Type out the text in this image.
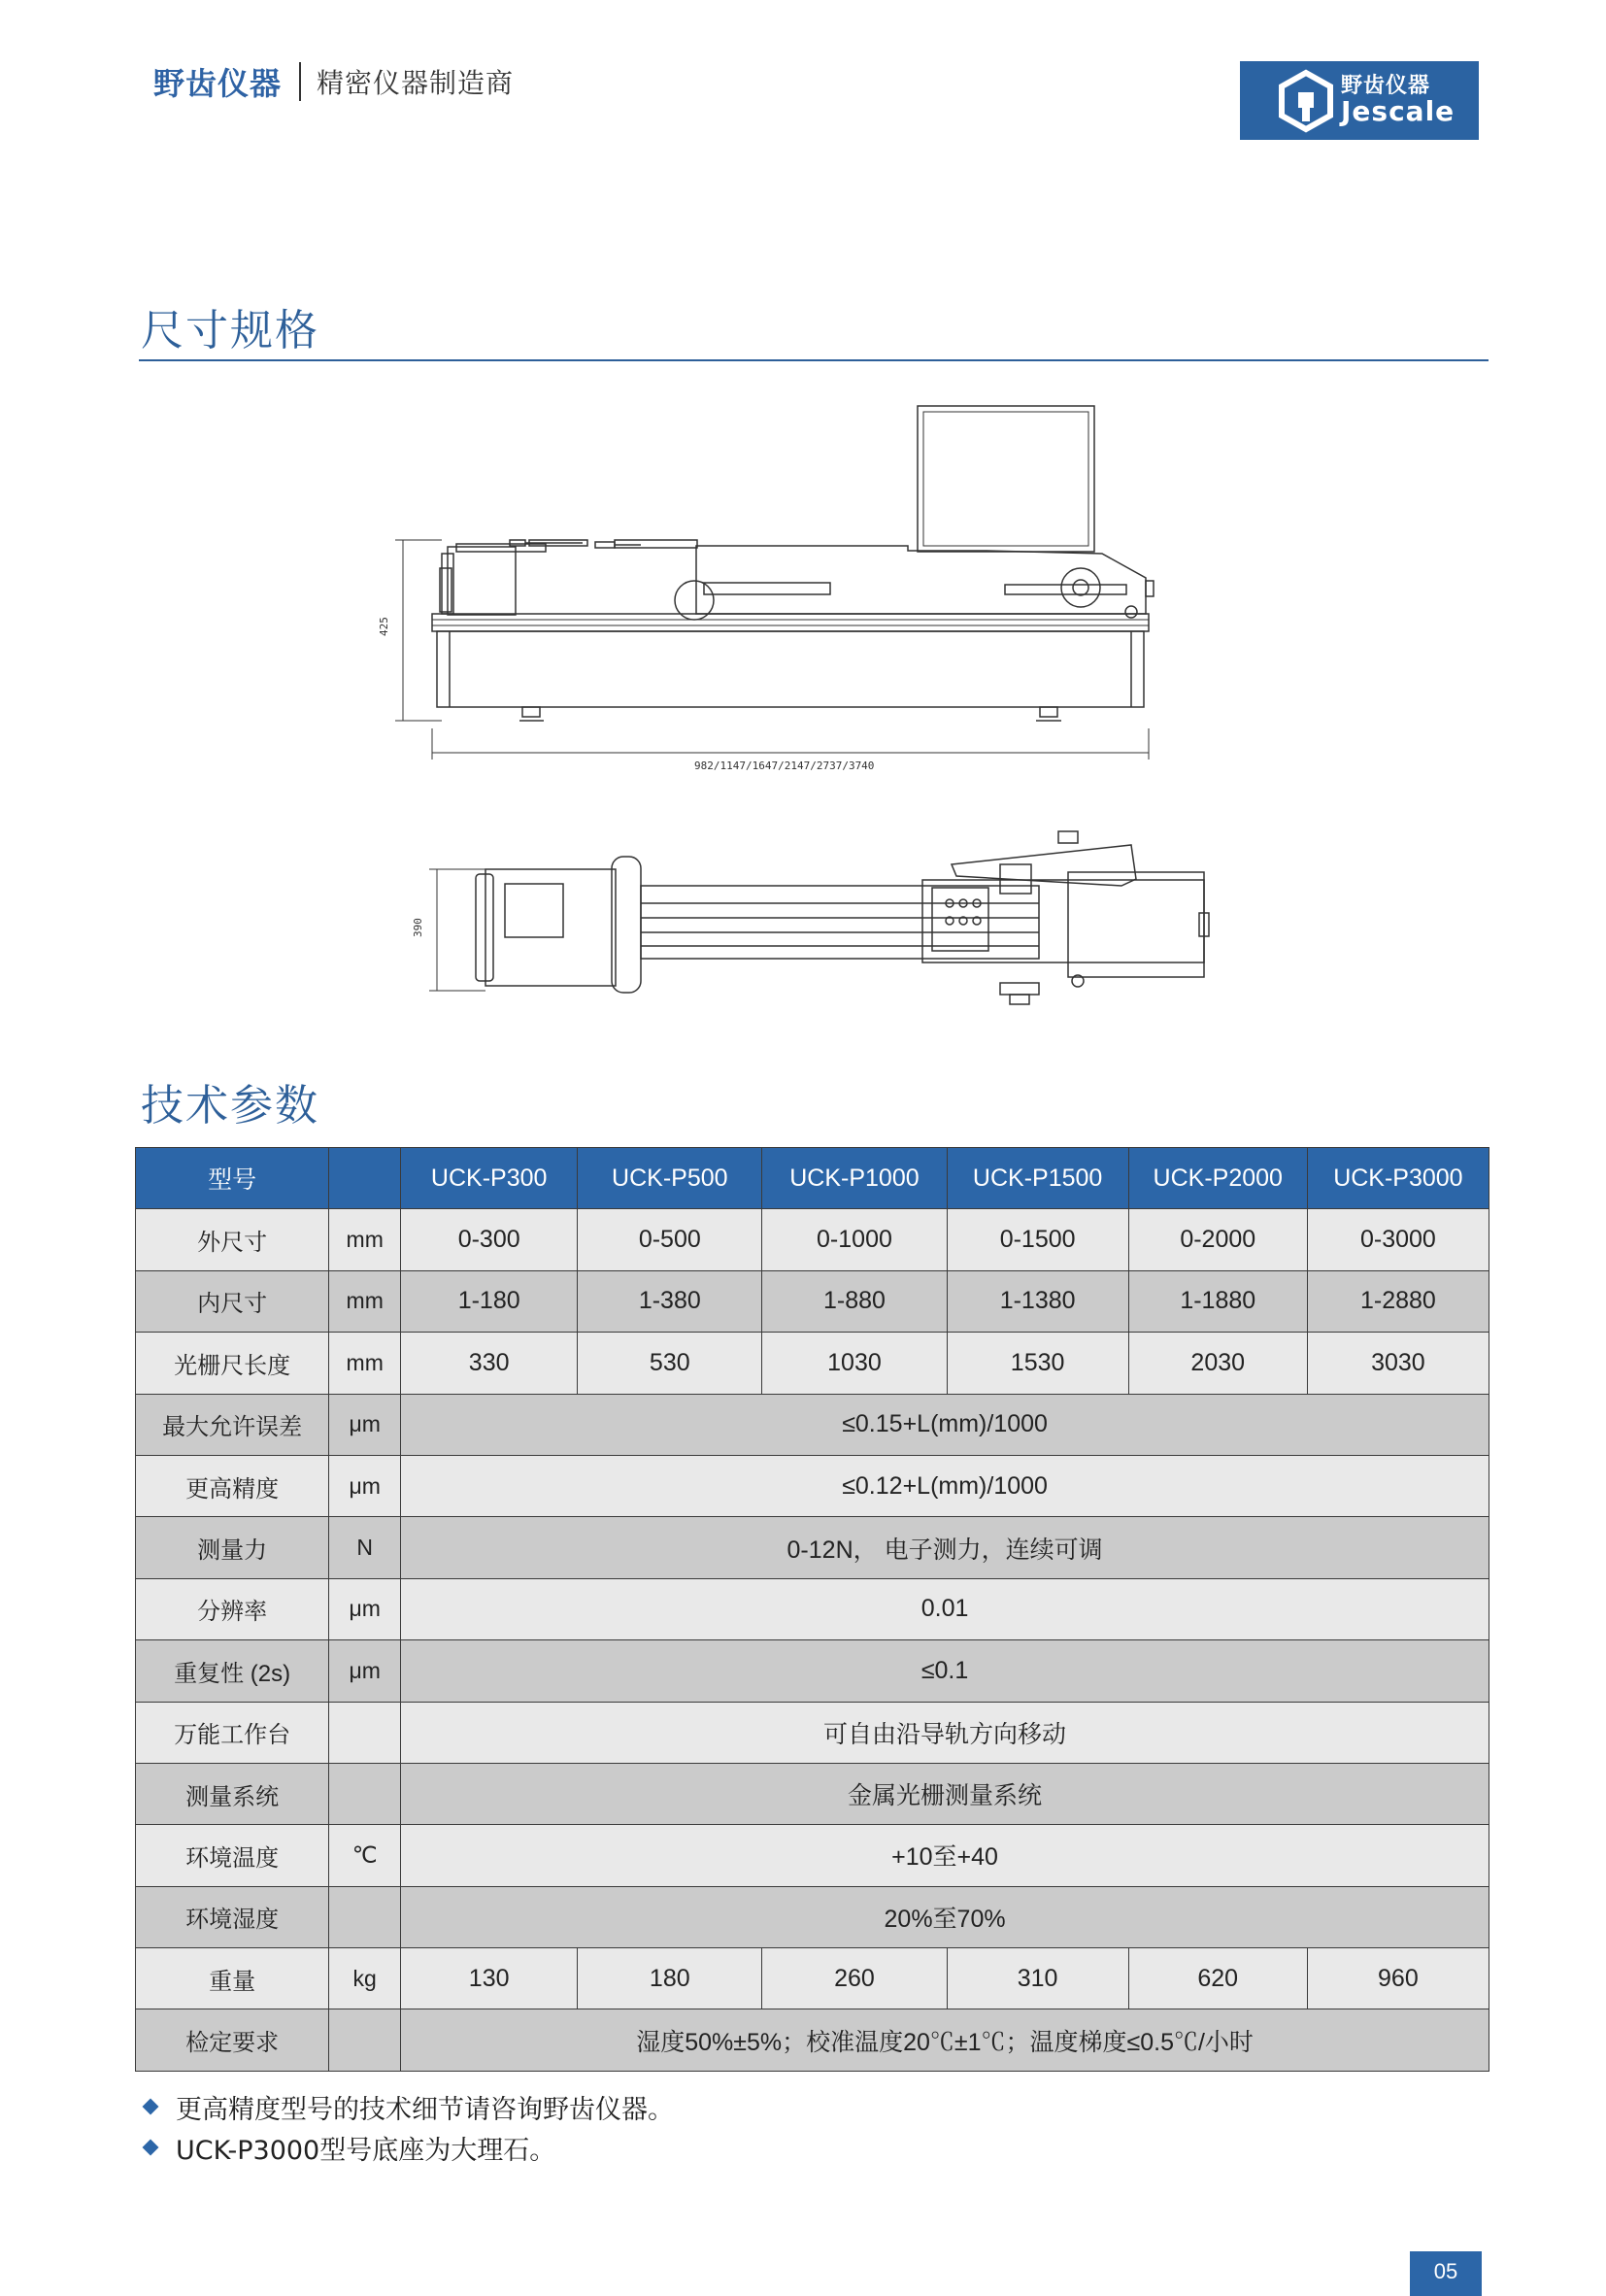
野齿仪器 精密仪器制造商	野齿仪器
Jescale
尺寸规格
425
982/1147/1647/2147/2737/3740
390
技术参数
型号		UCK-P300	UCK-P500	UCK-P1000	UCK-P1500	UCK-P2000	UCK-P3000
外尺寸	mm	0-300	0-500	0-1000	0-1500	0-2000	0-3000
内尺寸	mm	1-180	1-380	1-880	1-1380	1-1880	1-2880
光栅尺长度	mm	330	530	1030	1530	2030	3030
最大允许误差	μm	≤0.15+L(mm)/1000					
更高精度	μm	≤0.12+L(mm)/1000					
测量力	N	0-12N， 电子测力，连续可调					
分辨率	μm	0.01					
重复性 (2s)	μm	≤0.1					
万能工作台		可自由沿导轨方向移动					
测量系统		金属光栅测量系统					
环境温度	℃	+10至+40					
环境湿度		20%至70%					
重量	kg	130	180	260	310	620	960
检定要求		湿度50%±5%；校准温度20℃±1℃；温度梯度≤0.5℃/小时					
更高精度型号的技术细节请咨询野齿仪器。
UCK-P3000型号底座为大理石。
05
